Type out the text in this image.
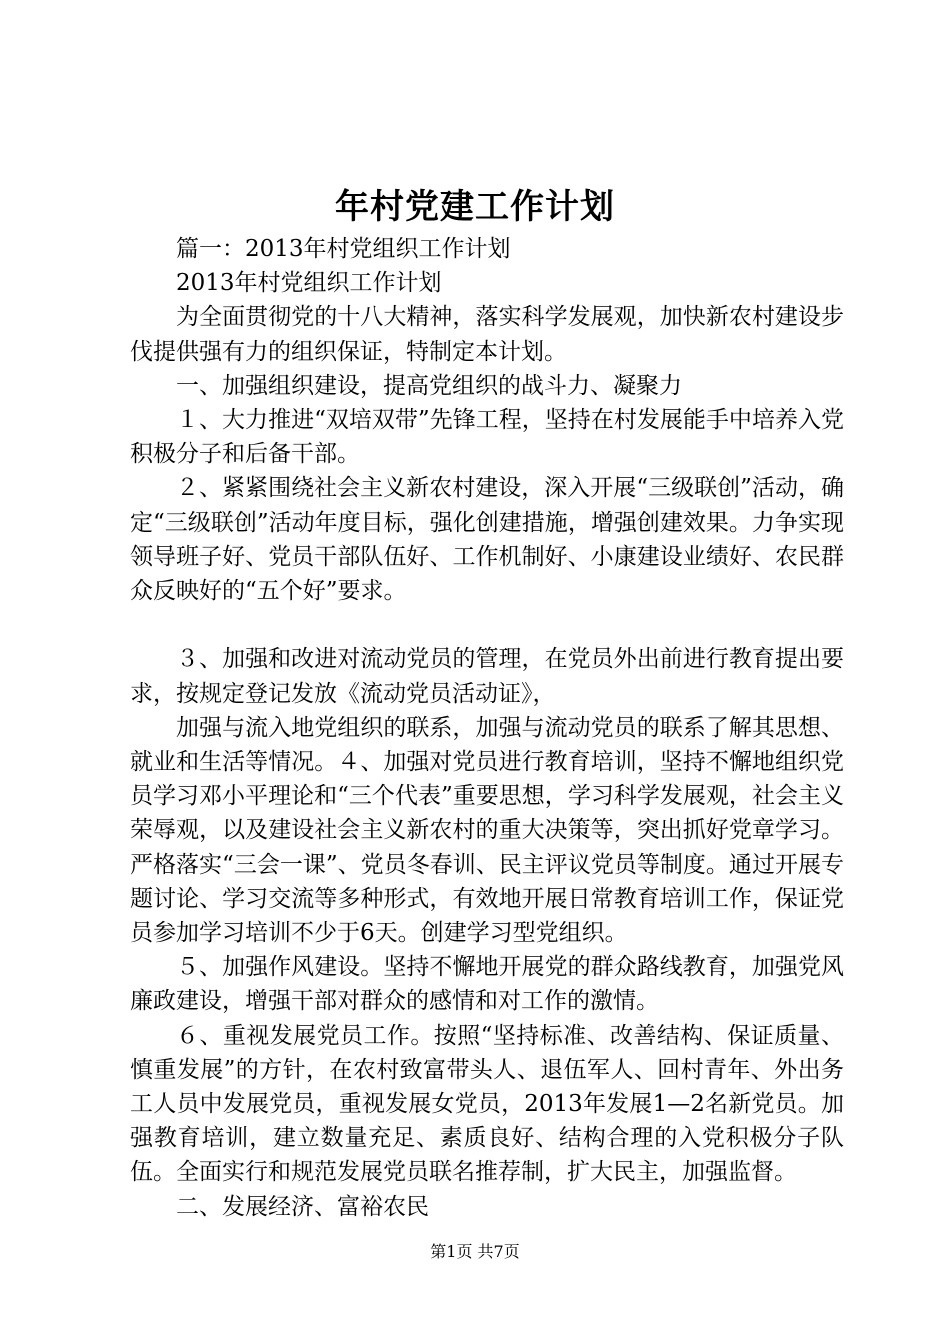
年村党建工作计划

篇一：2013年村党组织工作计划

2013年村党组织工作计划

为全面贯彻党的十八大精神，落实科学发展观，加快新农村建设步伐提供强有力的组织保证，特制定本计划。

一、加强组织建设，提高党组织的战斗力、凝聚力

１、大力推进“双培双带”先锋工程，坚持在村发展能手中培养入党积极分子和后备干部。

２、紧紧围绕社会主义新农村建设，深入开展“三级联创”活动，确定“三级联创”活动年度目标，强化创建措施，增强创建效果。力争实现领导班子好、党员干部队伍好、工作机制好、小康建设业绩好、农民群众反映好的“五个好”要求。

３、加强和改进对流动党员的管理，在党员外出前进行教育提出要求，按规定登记发放《流动党员活动证》，

加强与流入地党组织的联系，加强与流动党员的联系了解其思想、就业和生活等情况。４、加强对党员进行教育培训，坚持不懈地组织党员学习邓小平理论和“三个代表”重要思想，学习科学发展观，社会主义荣辱观，以及建设社会主义新农村的重大决策等，突出抓好党章学习。严格落实“三会一课”、党员冬春训、民主评议党员等制度。通过开展专题讨论、学习交流等多种形式，有效地开展日常教育培训工作，保证党员参加学习培训不少于6天。创建学习型党组织。

５、加强作风建设。坚持不懈地开展党的群众路线教育，加强党风廉政建设，增强干部对群众的感情和对工作的激情。

６、重视发展党员工作。按照“坚持标准、改善结构、保证质量、慎重发展”的方针，在农村致富带头人、退伍军人、回村青年、外出务工人员中发展党员，重视发展女党员，2013年发展1—2名新党员。加强教育培训，建立数量充足、素质良好、结构合理的入党积极分子队伍。全面实行和规范发展党员联名推荐制，扩大民主，加强监督。

二、发展经济、富裕农民

第1页 共7页
